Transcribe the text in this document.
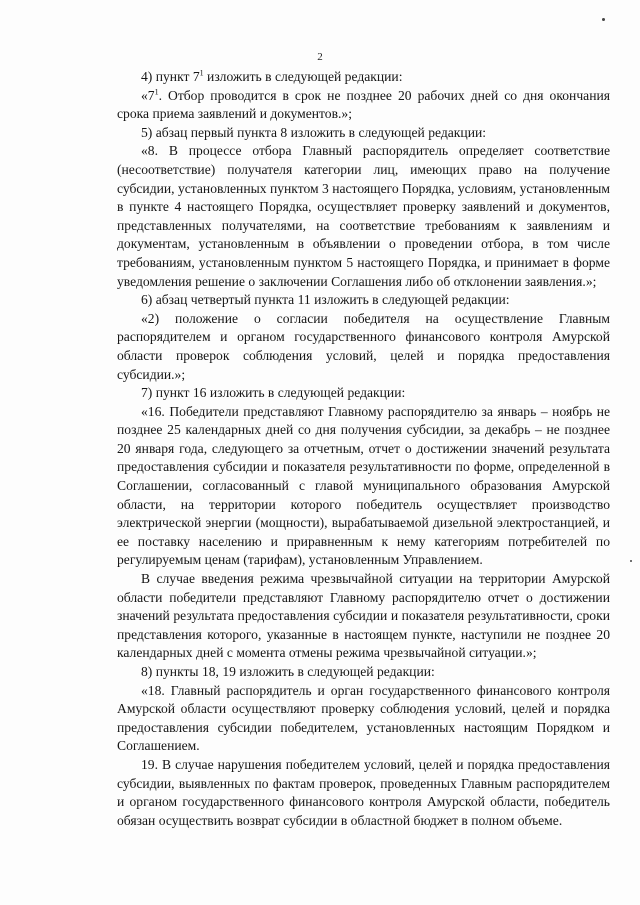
2

4) пункт $7^1$ изложить в следующей редакции:

«$7^1$. Отбор проводится в срок не позднее 20 рабочих дней со дня окончания срока приема заявлений и документов.»;

5) абзац первый пункта 8 изложить в следующей редакции:

«8. В процессе отбора Главный распорядитель определяет соответствие (несоответствие) получателя категории лиц, имеющих право на получение субсидии, установленных пунктом 3 настоящего Порядка, условиям, установленным в пункте 4 настоящего Порядка, осуществляет проверку заявлений и документов, представленных получателями, на соответствие требованиям к заявлениям и документам, установленным в объявлении о проведении отбора, в том числе требованиям, установленным пунктом 5 настоящего Порядка, и принимает в форме уведомления решение о заключении Соглашения либо об отклонении заявления.»;

6) абзац четвертый пункта 11 изложить в следующей редакции:

«2) положение о согласии победителя на осуществление Главным распорядителем и органом государственного финансового контроля Амурской области проверок соблюдения условий, целей и порядка предоставления субсидии.»;

7) пункт 16 изложить в следующей редакции:

«16. Победители представляют Главному распорядителю за январь – ноябрь не позднее 25 календарных дней со дня получения субсидии, за декабрь – не позднее 20 января года, следующего за отчетным, отчет о достижении значений результата предоставления субсидии и показателя результативности по форме, определенной в Соглашении, согласованный с главой муниципального образования Амурской области, на территории которого победитель осуществляет производство электрической энергии (мощности), вырабатываемой дизельной электростанцией, и ее поставку населению и приравненным к нему категориям потребителей по регулируемым ценам (тарифам), установленным Управлением.

В случае введения режима чрезвычайной ситуации на территории Амурской области победители представляют Главному распорядителю отчет о достижении значений результата предоставления субсидии и показателя результативности, сроки представления которого, указанные в настоящем пункте, наступили не позднее 20 календарных дней с момента отмены режима чрезвычайной ситуации.»;

8) пункты 18, 19 изложить в следующей редакции:

«18. Главный распорядитель и орган государственного финансового контроля Амурской области осуществляют проверку соблюдения условий, целей и порядка предоставления субсидии победителем, установленных настоящим Порядком и Соглашением.

19. В случае нарушения победителем условий, целей и порядка предоставления субсидии, выявленных по фактам проверок, проведенных Главным распорядителем и органом государственного финансового контроля Амурской области, победитель обязан осуществить возврат субсидии в областной бюджет в полном объеме.
